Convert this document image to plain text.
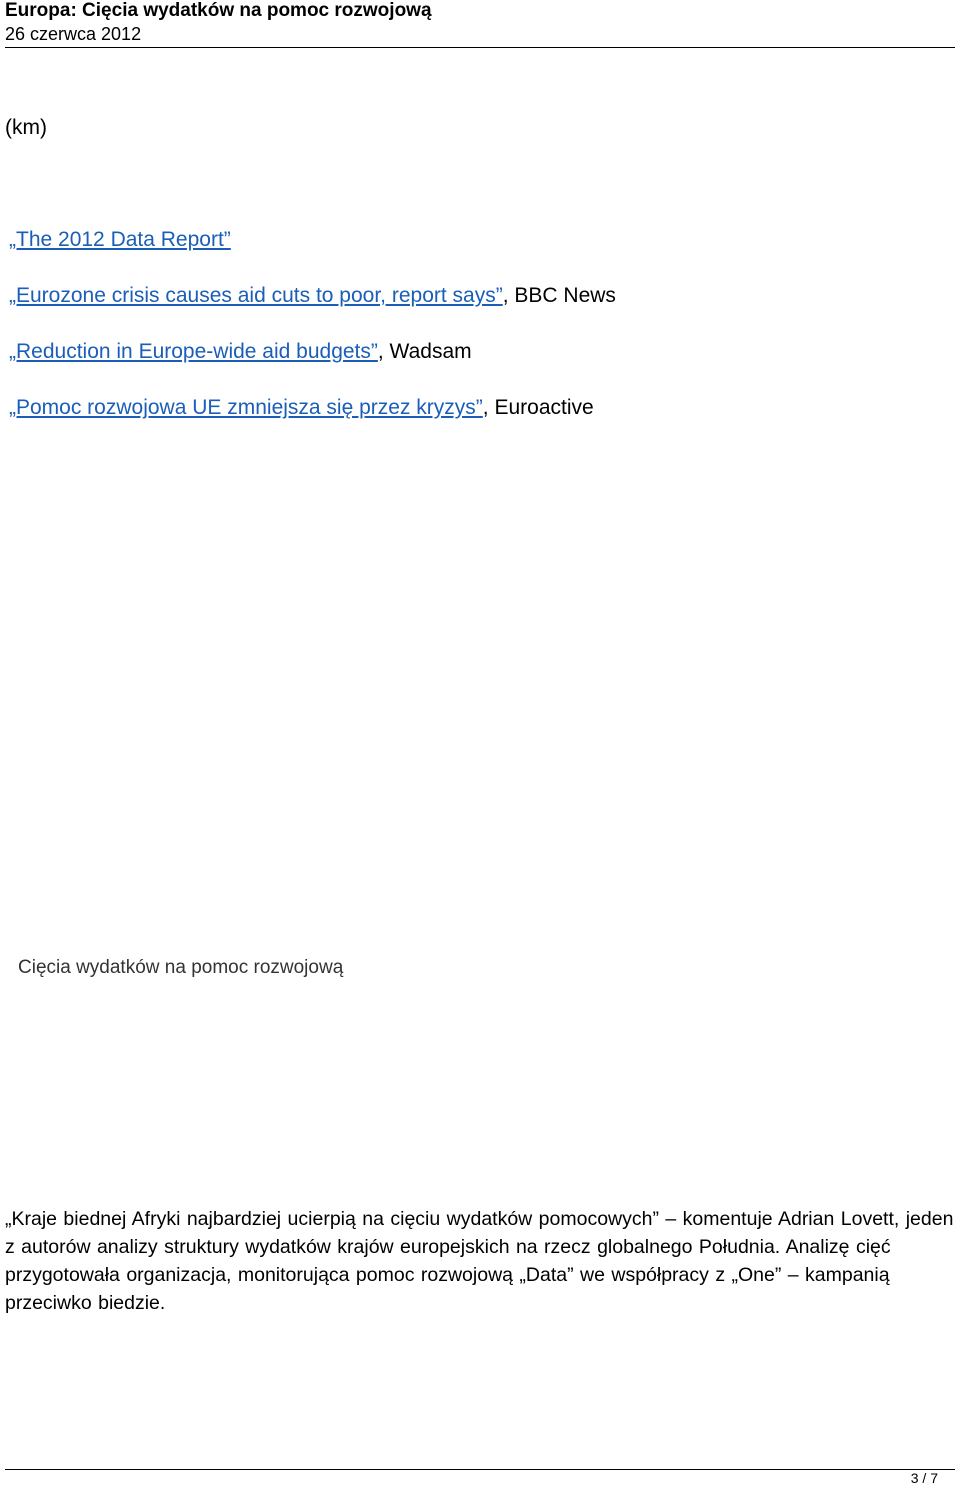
Europa: Cięcia wydatków na pomoc rozwojową
26 czerwca 2012
(km)
„The 2012 Data Report”
„Eurozone crisis causes aid cuts to poor, report says”, BBC News
„Reduction in Europe-wide aid budgets”, Wadsam
„Pomoc rozwojowa UE zmniejsza się przez kryzys”, Euroactive
Cięcia wydatków na pomoc rozwojową
„Kraje biednej Afryki najbardziej ucierpią na cięciu wydatków pomocowych” – komentuje Adrian Lovett, jeden z autorów analizy struktury wydatków krajów europejskich na rzecz globalnego Południa. Analizę cięć przygotowała organizacja, monitorująca pomoc rozwojową „Data” we współpracy z „One” – kampanią przeciwko biedzie.
3 / 7
